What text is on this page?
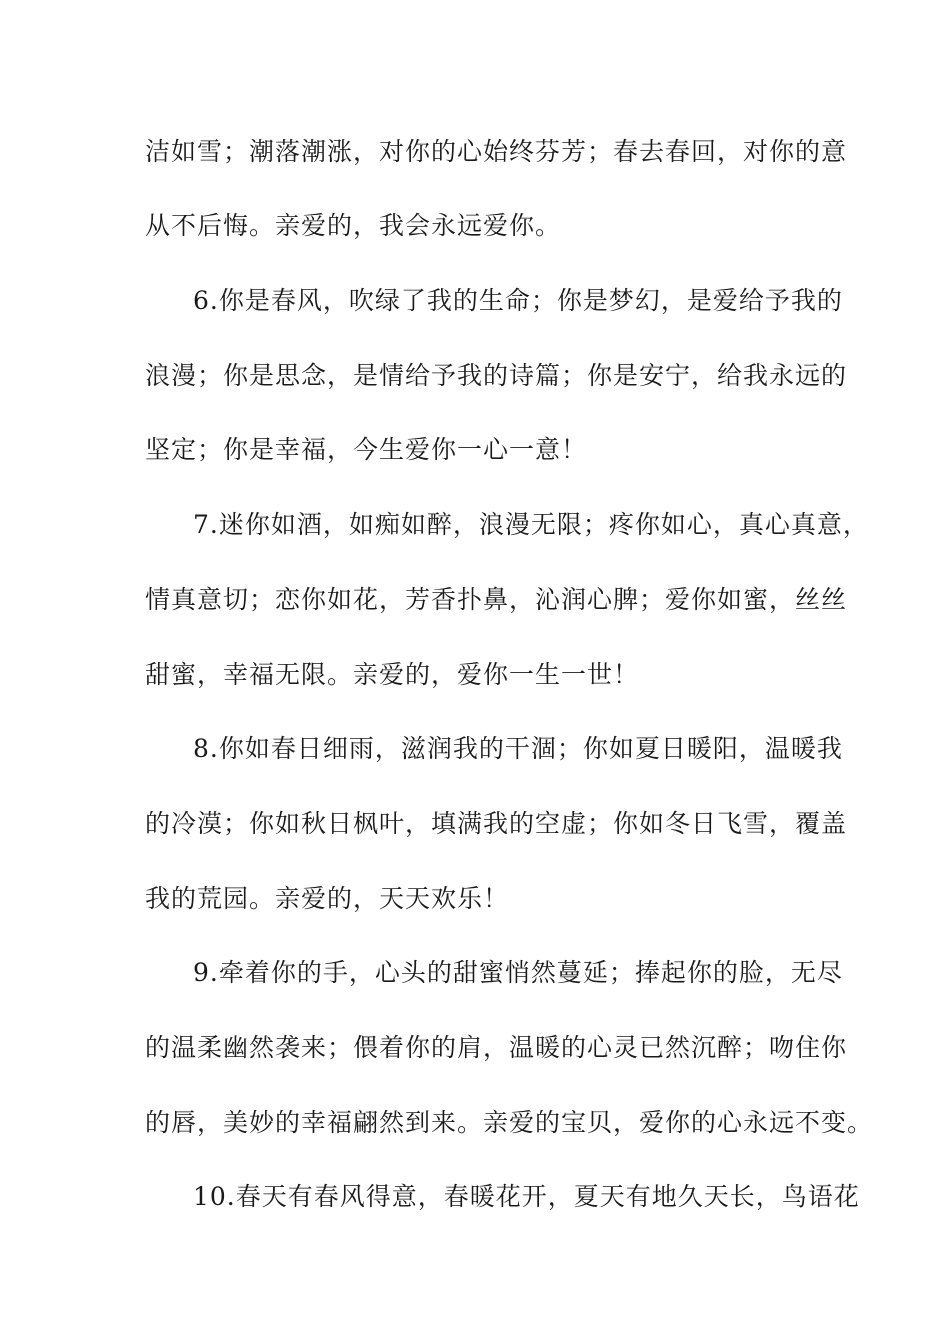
洁如雪；潮落潮涨，对你的心始终芬芳；春去春回，对你的意
从不后悔。亲爱的，我会永远爱你。
6.你是春风，吹绿了我的生命；你是梦幻，是爱给予我的
浪漫；你是思念，是情给予我的诗篇；你是安宁，给我永远的
坚定；你是幸福，今生爱你一心一意！
7.迷你如酒，如痴如醉，浪漫无限；疼你如心，真心真意，
情真意切；恋你如花，芳香扑鼻，沁润心脾；爱你如蜜，丝丝
甜蜜，幸福无限。亲爱的，爱你一生一世！
8.你如春日细雨，滋润我的干涸；你如夏日暖阳，温暖我
的冷漠；你如秋日枫叶，填满我的空虚；你如冬日飞雪，覆盖
我的荒园。亲爱的，天天欢乐！
9.牵着你的手，心头的甜蜜悄然蔓延；捧起你的脸，无尽
的温柔幽然袭来；偎着你的肩，温暖的心灵已然沉醉；吻住你
的唇，美妙的幸福翩然到来。亲爱的宝贝，爱你的心永远不变。
10.春天有春风得意，春暖花开，夏天有地久天长，鸟语花
